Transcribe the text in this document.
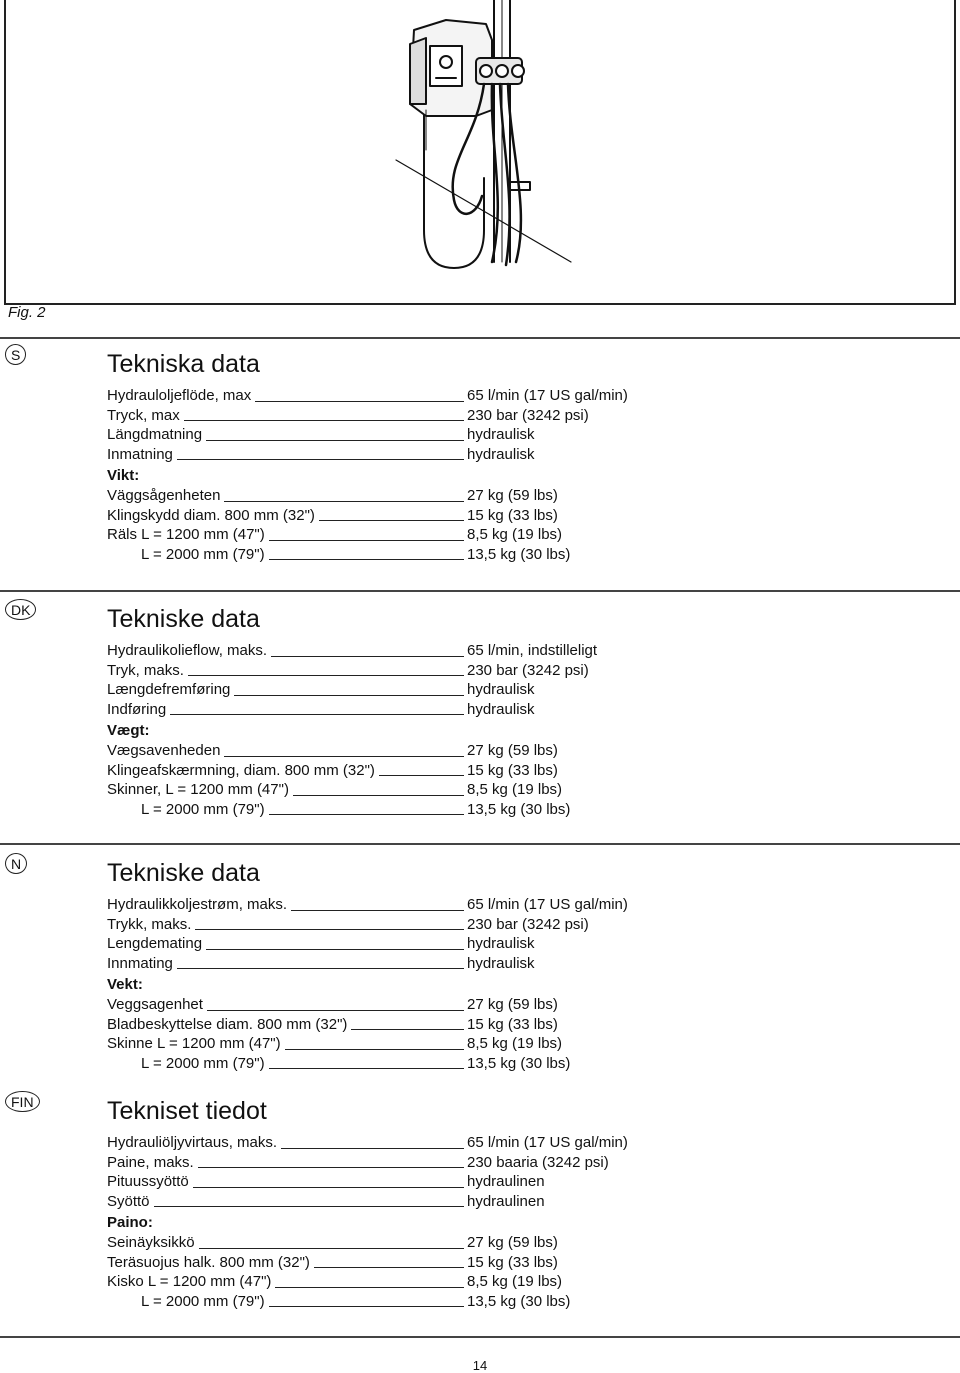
Fig. 2
S	Tekniska data
Hydrauloljeflöde, max	65 l/min (17 US gal/min)
Tryck, max	230 bar (3242 psi)
Längdmatning	hydraulisk
Inmatning	hydraulisk
Vikt:
Väggsågenheten	27 kg (59 lbs)
Klingskydd diam. 800 mm (32")	15 kg (33 lbs)
Räls L = 1200 mm (47")	8,5 kg (19 lbs)
L = 2000 mm (79")	13,5 kg (30 lbs)
DK	Tekniske data
Hydraulikolieflow, maks.	65 l/min, indstilleligt
Tryk, maks.	230 bar (3242 psi)
Længdefremføring	hydraulisk
Indføring	hydraulisk
Vægt:
Vægsavenheden	27 kg (59 lbs)
Klingeafskærmning, diam. 800 mm (32")	15 kg (33 lbs)
Skinner, L = 1200 mm (47")	8,5 kg (19 lbs)
L = 2000 mm (79")	13,5 kg (30 lbs)
N	Tekniske data
Hydraulikkoljestrøm, maks.	65 l/min (17 US gal/min)
Trykk, maks.	230 bar (3242 psi)
Lengdemating	hydraulisk
Innmating	hydraulisk
Vekt:
Veggsagenhet	27 kg (59 lbs)
Bladbeskyttelse diam. 800 mm (32")	15 kg (33 lbs)
Skinne L = 1200 mm (47")	8,5 kg (19 lbs)
L = 2000 mm (79")	13,5 kg (30 lbs)
FIN	Tekniset tiedot
Hydrauliöljyvirtaus, maks.	65 l/min (17 US gal/min)
Paine, maks.	230 baaria (3242 psi)
Pituussyöttö	hydraulinen
Syöttö	hydraulinen
Paino:
Seinäyksikkö	27 kg (59 lbs)
Teräsuojus halk. 800 mm (32")	15 kg (33 lbs)
Kisko L = 1200 mm (47")	8,5 kg (19 lbs)
L = 2000 mm (79")	13,5 kg (30 lbs)
14
